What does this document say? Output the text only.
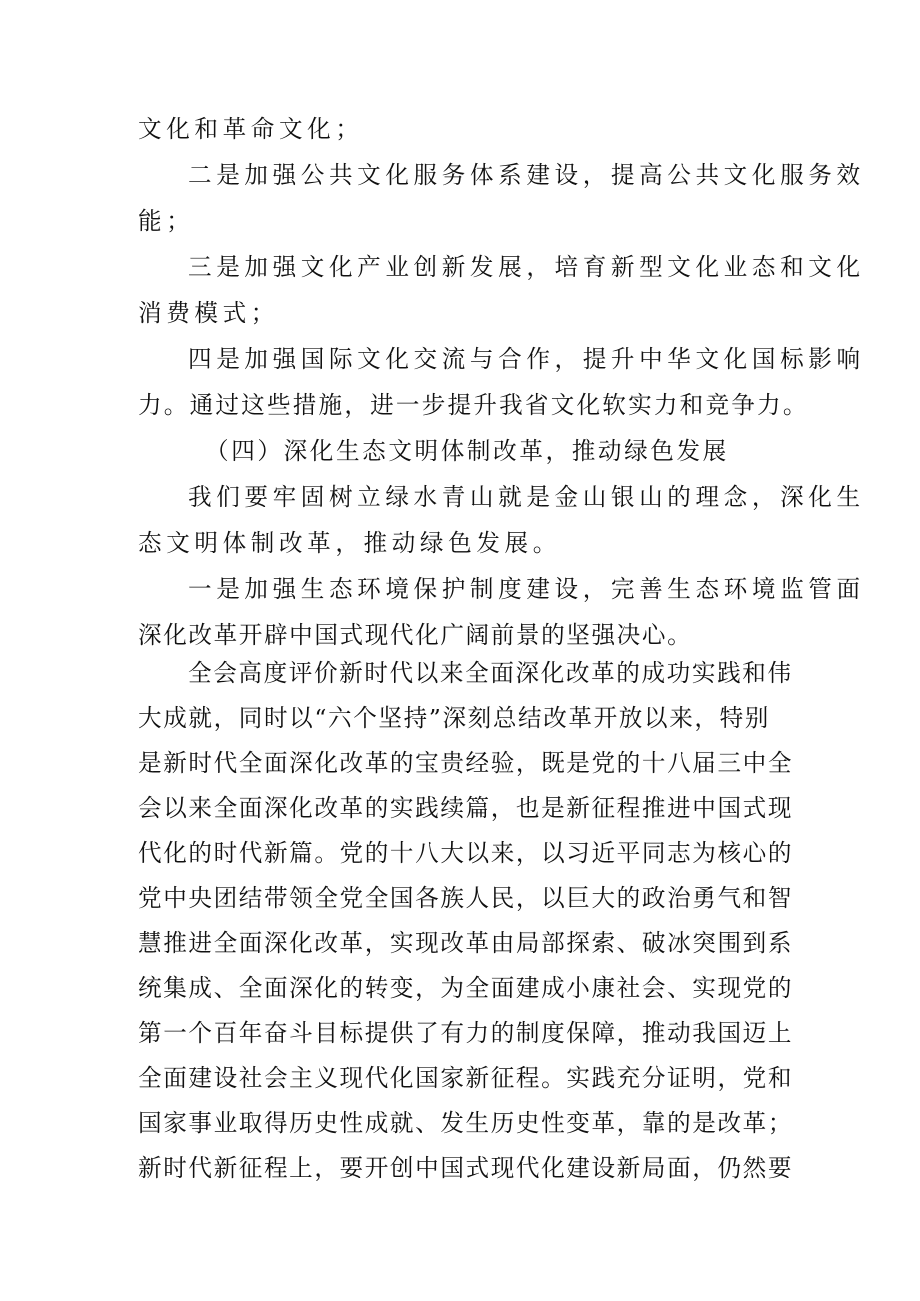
文化和革命文化；
二是加强公共文化服务体系建设，提高公共文化服务效
能；
三是加强文化产业创新发展，培育新型文化业态和文化
消费模式；
四是加强国际文化交流与合作，提升中华文化国标影响
力。通过这些措施，进一步提升我省文化软实力和竞争力。
（四）深化生态文明体制改革，推动绿色发展
我们要牢固树立绿水青山就是金山银山的理念，深化生
态文明体制改革，推动绿色发展。
一是加强生态环境保护制度建设，完善生态环境监管面
深化改革开辟中国式现代化广阔前景的坚强决心。
全会高度评价新时代以来全面深化改革的成功实践和伟
大成就，同时以“六个坚持”深刻总结改革开放以来，特别
是新时代全面深化改革的宝贵经验，既是党的十八届三中全
会以来全面深化改革的实践续篇，也是新征程推进中国式现
代化的时代新篇。党的十八大以来，以习近平同志为核心的
党中央团结带领全党全国各族人民，以巨大的政治勇气和智
慧推进全面深化改革，实现改革由局部探索、破冰突围到系
统集成、全面深化的转变，为全面建成小康社会、实现党的
第一个百年奋斗目标提供了有力的制度保障，推动我国迈上
全面建设社会主义现代化国家新征程。实践充分证明，党和
国家事业取得历史性成就、发生历史性变革，靠的是改革；
新时代新征程上，要开创中国式现代化建设新局面，仍然要
